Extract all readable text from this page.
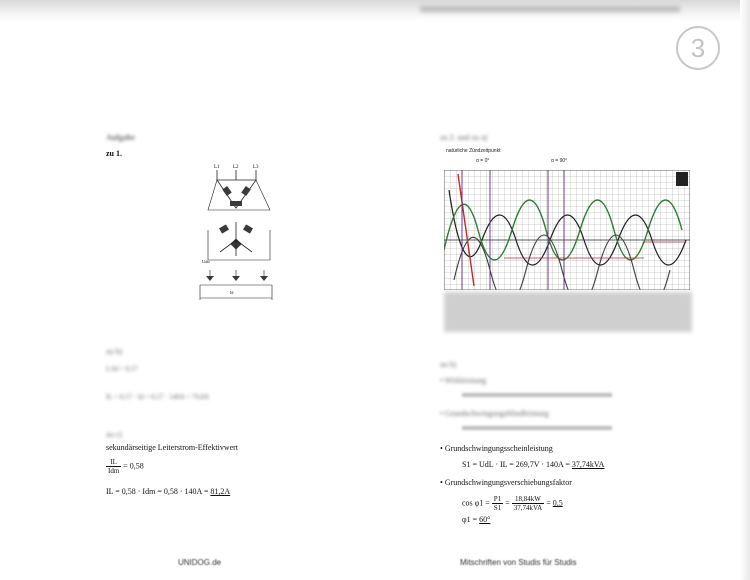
3
Aufgabe
zu 1.
L1	L2	L3
Udo
Id
zu b)
L/Id = 0,57
IL = 0,57 · Id = 0,57 · 140A = 79,8A
zu c)
sekundärseitige Leiterstrom-Effektivwert
$\frac{IL}{\text{Idm}} = 0,58$
IL = 0,58 · Idm = 0,58 · 140A = 81,2A
zu 2. und zu a)
natürliche Zündzeitpunkt
α = 0°	α = 90°
zu b)
• Wirkleistung
• Grundschwingungsblindleistung
• Grundschwingungsscheinleistung
S1 = UdL · IL = 269,7V · 140A = 37,74kVA
• Grundschwingungsverschiebungsfaktor
$\cos \varphi 1 = \frac{P1}{S1} = \frac{18,84kW}{\text{37,74kVA}} = 0,5$
φ1 = 60°
UNIDOG.de	Mitschriften von Studis für Studis
